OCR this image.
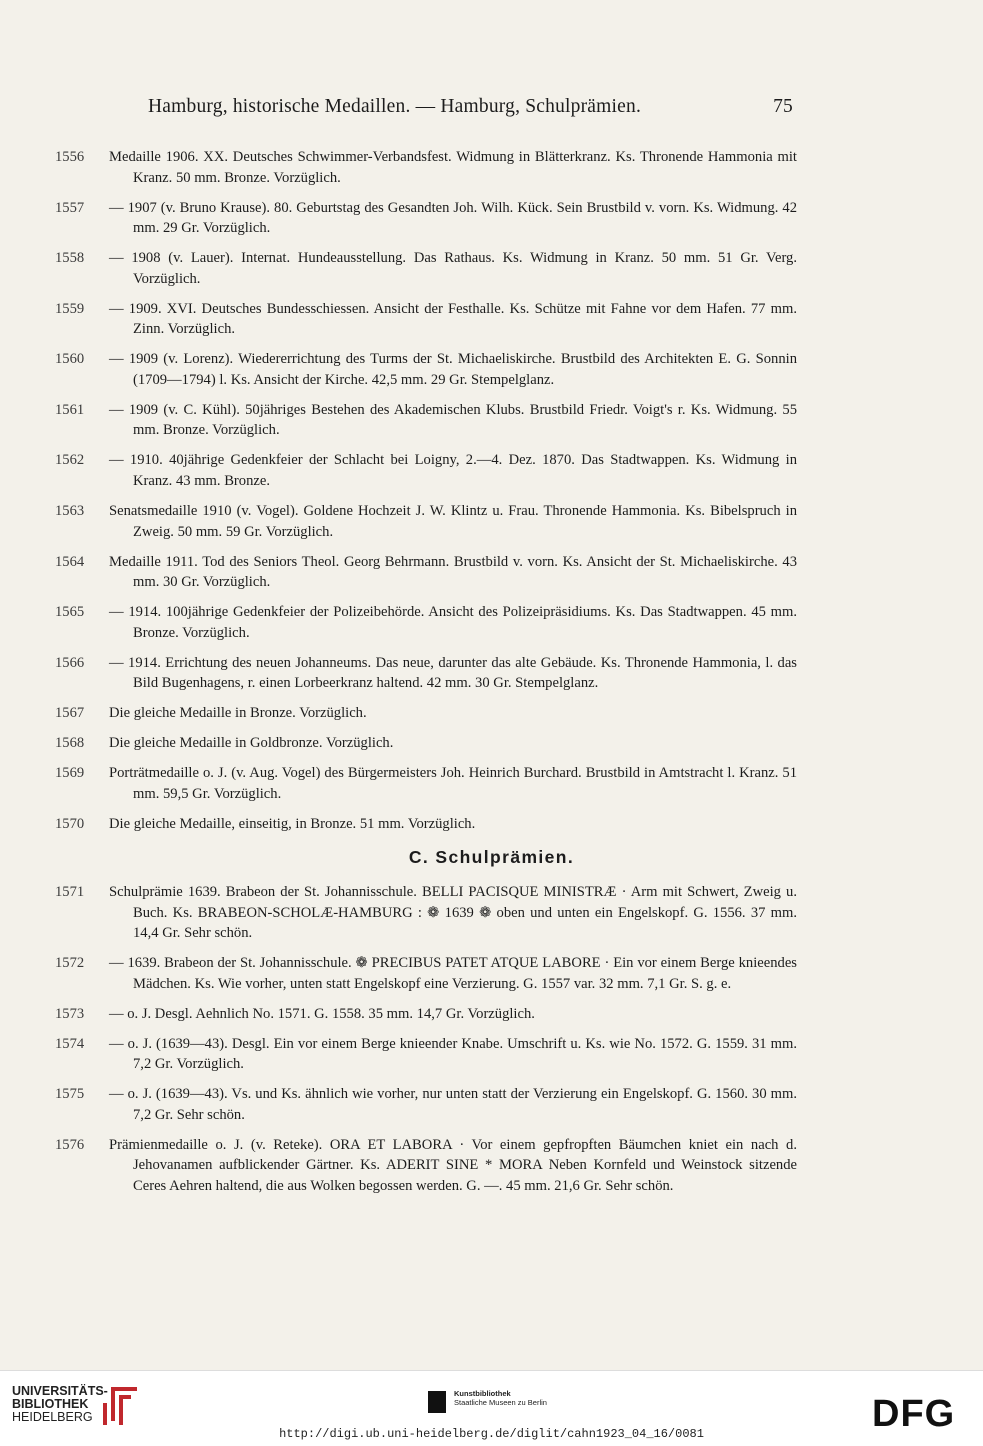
Hamburg, historische Medaillen. — Hamburg, Schulprämien.	75
1556	Medaille 1906. XX. Deutsches Schwimmer-Verbandsfest. Widmung in Blätterkranz. Ks. Thronende Hammonia mit Kranz. 50 mm. Bronze. Vorzüglich.
1557	— 1907 (v. Bruno Krause). 80. Geburtstag des Gesandten Joh. Wilh. Kück. Sein Brustbild v. vorn. Ks. Widmung. 42 mm. 29 Gr. Vorzüglich.
1558	— 1908 (v. Lauer). Internat. Hundeausstellung. Das Rathaus. Ks. Widmung in Kranz. 50 mm. 51 Gr. Verg. Vorzüglich.
1559	— 1909. XVI. Deutsches Bundesschiessen. Ansicht der Festhalle. Ks. Schütze mit Fahne vor dem Hafen. 77 mm. Zinn. Vorzüglich.
1560	— 1909 (v. Lorenz). Wiedererrichtung des Turms der St. Michaeliskirche. Brustbild des Architekten E. G. Sonnin (1709—1794) l. Ks. Ansicht der Kirche. 42,5 mm. 29 Gr. Stempelglanz.
1561	— 1909 (v. C. Kühl). 50jähriges Bestehen des Akademischen Klubs. Brustbild Friedr. Voigt's r. Ks. Widmung. 55 mm. Bronze. Vorzüglich.
1562	— 1910. 40jährige Gedenkfeier der Schlacht bei Loigny, 2.—4. Dez. 1870. Das Stadtwappen. Ks. Widmung in Kranz. 43 mm. Bronze.
1563	Senatsmedaille 1910 (v. Vogel). Goldene Hochzeit J. W. Klintz u. Frau. Thronende Hammonia. Ks. Bibelspruch in Zweig. 50 mm. 59 Gr. Vorzüglich.
1564	Medaille 1911. Tod des Seniors Theol. Georg Behrmann. Brustbild v. vorn. Ks. Ansicht der St. Michaeliskirche. 43 mm. 30 Gr. Vorzüglich.
1565	— 1914. 100jährige Gedenkfeier der Polizeibehörde. Ansicht des Polizeipräsidiums. Ks. Das Stadtwappen. 45 mm. Bronze. Vorzüglich.
1566	— 1914. Errichtung des neuen Johanneums. Das neue, darunter das alte Gebäude. Ks. Thronende Hammonia, l. das Bild Bugenhagens, r. einen Lorbeerkranz haltend. 42 mm. 30 Gr. Stempelglanz.
1567	Die gleiche Medaille in Bronze. Vorzüglich.
1568	Die gleiche Medaille in Goldbronze. Vorzüglich.
1569	Porträtmedaille o. J. (v. Aug. Vogel) des Bürgermeisters Joh. Heinrich Burchard. Brustbild in Amtstracht l. Kranz. 51 mm. 59,5 Gr. Vorzüglich.
1570	Die gleiche Medaille, einseitig, in Bronze. 51 mm. Vorzüglich.
C. Schulprämien.
1571	Schulprämie 1639. Brabeon der St. Johannisschule. BELLI PACISQUE MINISTRÆ · Arm mit Schwert, Zweig u. Buch. Ks. BRABEON-SCHOLÆ-HAMBURG : ❁ 1639 ❁ oben und unten ein Engelskopf. G. 1556. 37 mm. 14,4 Gr. Sehr schön.
1572	— 1639. Brabeon der St. Johannisschule. ❁ PRECIBUS PATET ATQUE LABORE · Ein vor einem Berge knieendes Mädchen. Ks. Wie vorher, unten statt Engelskopf eine Verzierung. G. 1557 var. 32 mm. 7,1 Gr. S. g. e.
1573	— o. J. Desgl. Aehnlich No. 1571. G. 1558. 35 mm. 14,7 Gr. Vorzüglich.
1574	— o. J. (1639—43). Desgl. Ein vor einem Berge knieender Knabe. Umschrift u. Ks. wie No. 1572. G. 1559. 31 mm. 7,2 Gr. Vorzüglich.
1575	— o. J. (1639—43). Vs. und Ks. ähnlich wie vorher, nur unten statt der Verzierung ein Engelskopf. G. 1560. 30 mm. 7,2 Gr. Sehr schön.
1576	Prämienmedaille o. J. (v. Reteke). ORA ET LABORA · Vor einem gepfropften Bäumchen kniet ein nach d. Jehovanamen aufblickender Gärtner. Ks. ADERIT SINE * MORA Neben Kornfeld und Weinstock sitzende Ceres Aehren haltend, die aus Wolken begossen werden. G. —. 45 mm. 21,6 Gr. Sehr schön.
UNIVERSITÄTS-
BIBLIOTHEK
HEIDELBERG
Kunstbibliothek
Staatliche Museen zu Berlin	DFG
http://digi.ub.uni-heidelberg.de/diglit/cahn1923_04_16/0081
